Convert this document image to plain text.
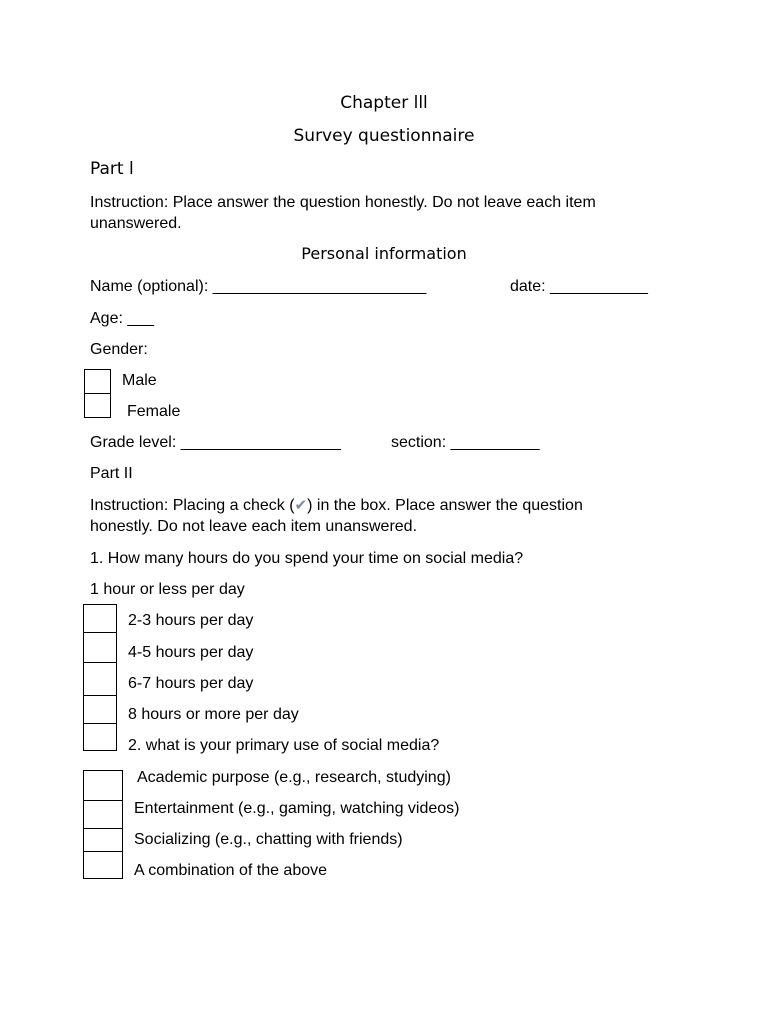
Chapter lll
Survey questionnaire
Part l
Instruction: Place answer the question honestly. Do not leave each item
unanswered.
Personal information
Name (optional): ________________________	date: ___________
Age: ___
Gender:
Male
Female
Grade level: __________________	section: __________
Part II
Instruction: Placing a check (✔) in the box. Place answer the question
honestly. Do not leave each item unanswered.
1. How many hours do you spend your time on social media?
1 hour or less per day
2-3 hours per day
4-5 hours per day
6-7 hours per day
8 hours or more per day
2. what is your primary use of social media?
Academic purpose (e.g., research, studying)
Entertainment (e.g., gaming, watching videos)
Socializing (e.g., chatting with friends)
A combination of the above
